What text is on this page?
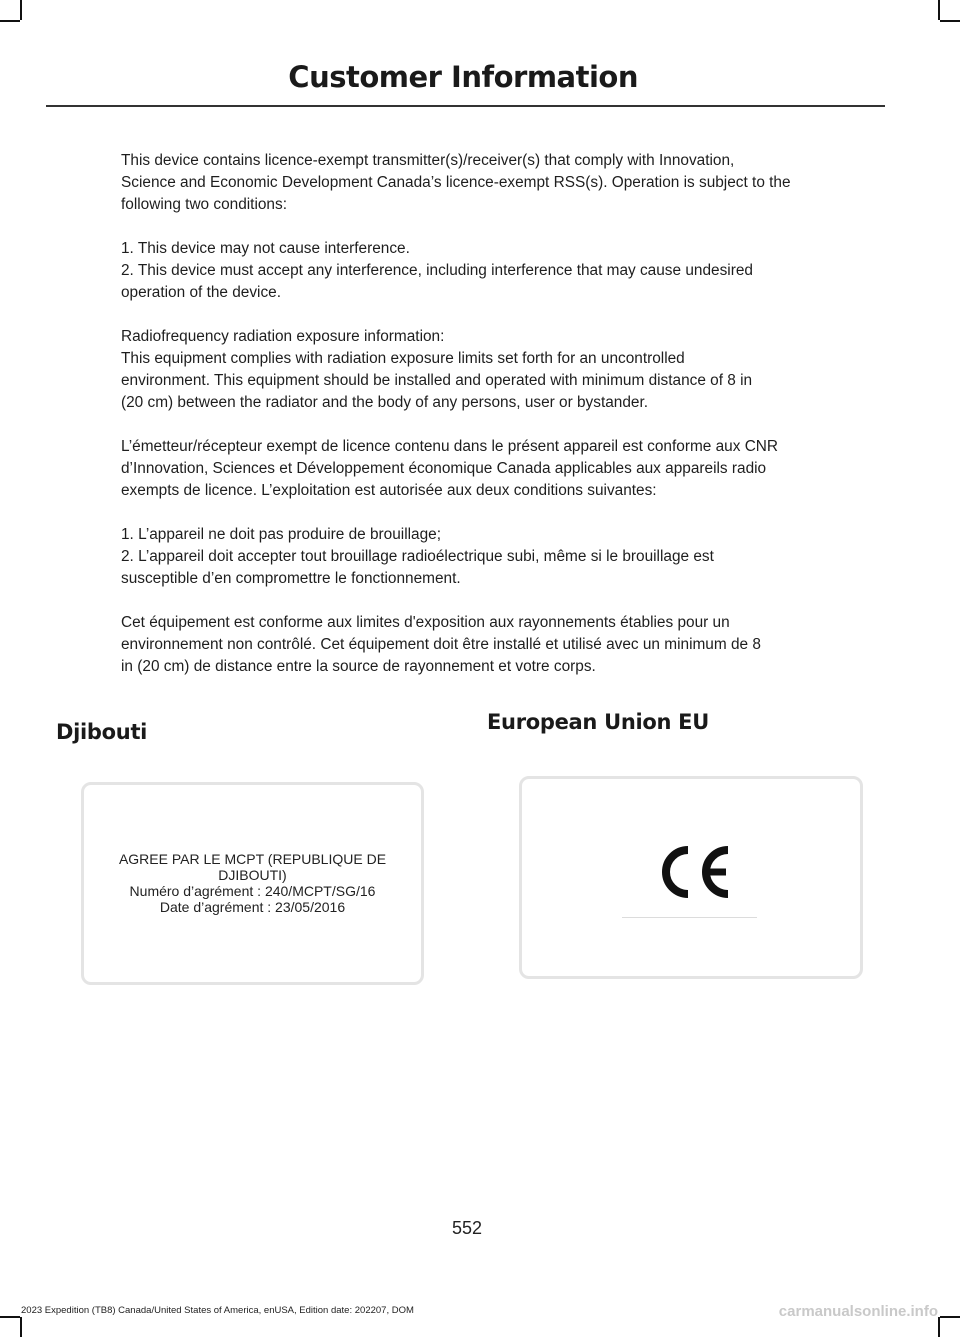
Customer Information

This device contains licence-exempt transmitter(s)/receiver(s) that comply with Innovation,
Science and Economic Development Canada’s licence-exempt RSS(s). Operation is subject to the
following two conditions:

1. This device may not cause interference.
2. This device must accept any interference, including interference that may cause undesired
operation of the device.

Radiofrequency radiation exposure information:
This equipment complies with radiation exposure limits set forth for an uncontrolled
environment. This equipment should be installed and operated with minimum distance of 8 in
(20 cm) between the radiator and the body of any persons, user or bystander.

L’émetteur/récepteur exempt de licence contenu dans le présent appareil est conforme aux CNR
d’Innovation, Sciences et Développement économique Canada applicables aux appareils radio
exempts de licence. L’exploitation est autorisée aux deux conditions suivantes:

1. L’appareil ne doit pas produire de brouillage;
2. L’appareil doit accepter tout brouillage radioélectrique subi, même si le brouillage est
susceptible d’en compromettre le fonctionnement.

Cet équipement est conforme aux limites d'exposition aux rayonnements établies pour un
environnement non contrôlé. Cet équipement doit être installé et utilisé avec un minimum de 8
in (20 cm) de distance entre la source de rayonnement et votre corps.

Djibouti	European Union EU
AGREE PAR LE MCPT (REPUBLIQUE DE DJIBOUTI)
Numéro d’agrément : 240/MCPT/SG/16
Date d’agrément : 23/05/2016
552
2023 Expedition (TB8) Canada/United States of America, enUSA, Edition date: 202207, DOM	carmanualsonline.info
